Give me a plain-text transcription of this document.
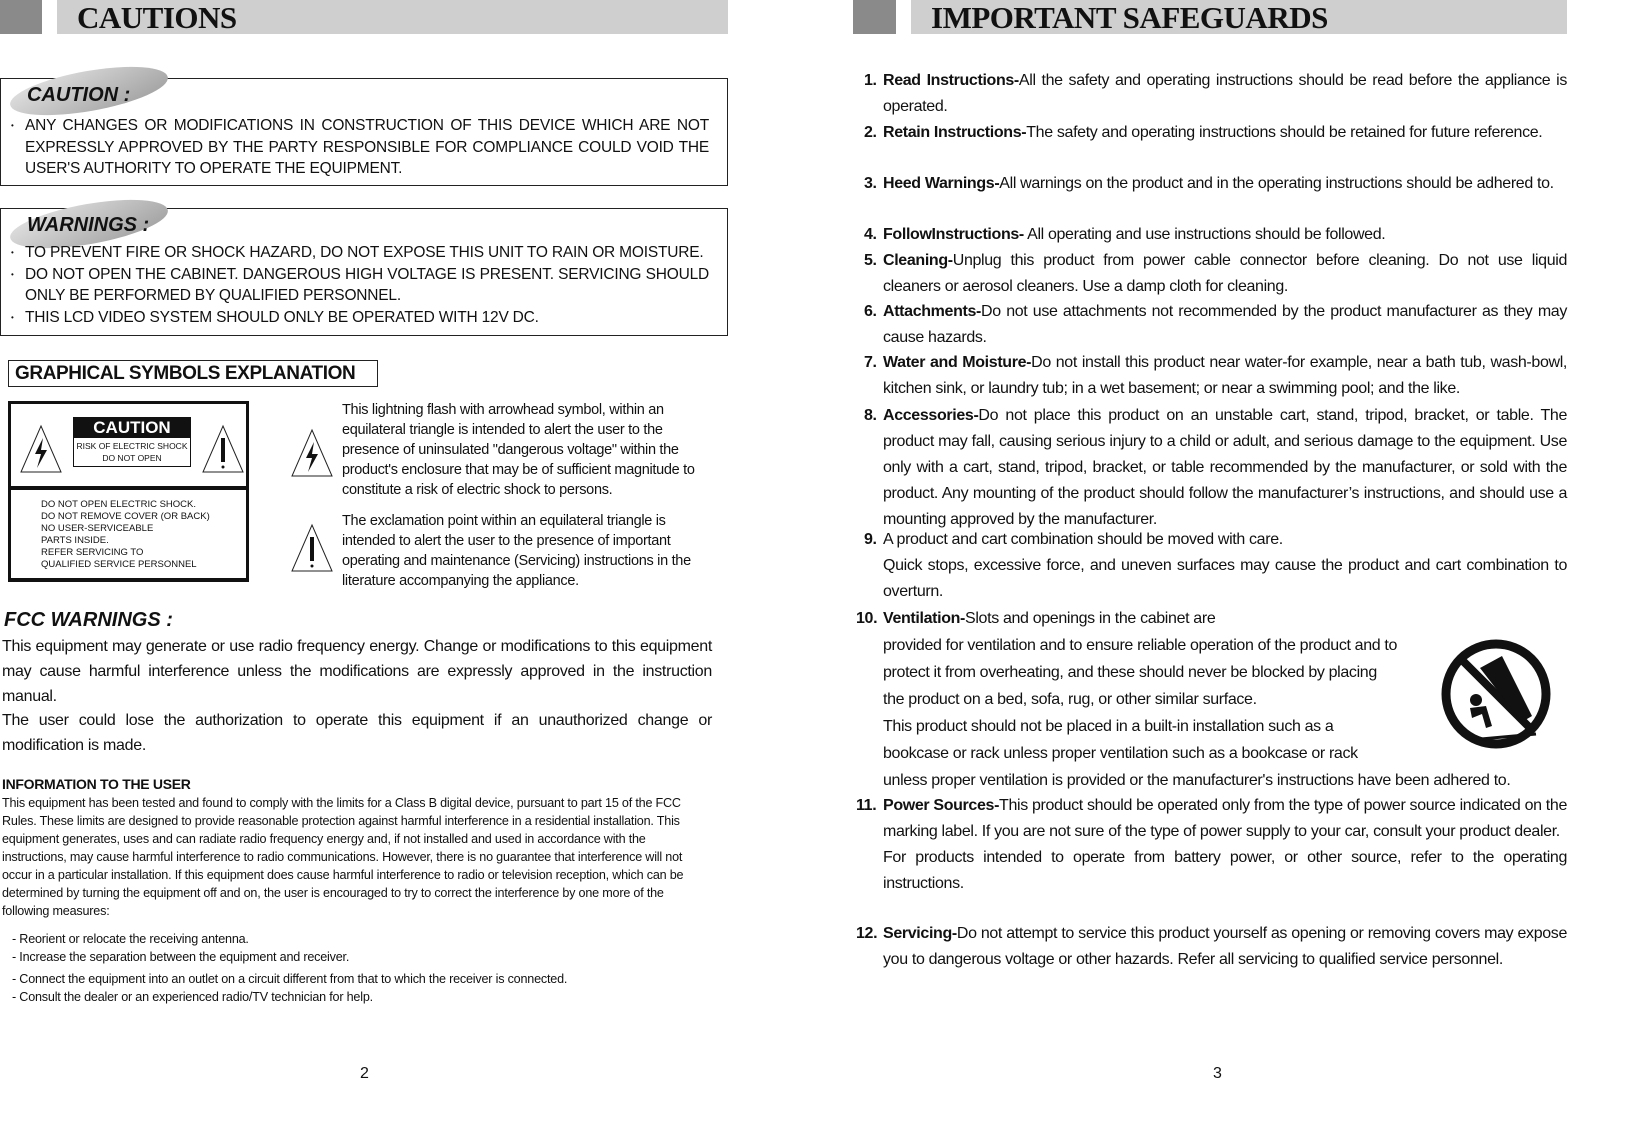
CAUTIONS
CAUTION :
• ANY CHANGES OR MODIFICATIONS IN CONSTRUCTION OF THIS DEVICE WHICH ARE NOT EXPRESSLY APPROVED BY THE PARTY RESPONSIBLE FOR COMPLIANCE COULD VOID THE USER'S AUTHORITY TO OPERATE THE EQUIPMENT.
WARNINGS :
• TO PREVENT FIRE OR SHOCK HAZARD, DO NOT EXPOSE THIS UNIT TO RAIN OR MOISTURE.
• DO NOT OPEN THE CABINET. DANGEROUS HIGH VOLTAGE IS PRESENT. SERVICING SHOULD ONLY BE PERFORMED BY QUALIFIED PERSONNEL.
• THIS LCD VIDEO SYSTEM SHOULD ONLY BE OPERATED WITH 12V DC.
GRAPHICAL SYMBOLS EXPLANATION
CAUTION
RISK OF ELECTRIC SHOCK
DO NOT OPEN
DO NOT OPEN ELECTRIC SHOCK.
DO NOT REMOVE COVER (OR BACK)
NO USER-SERVICEABLE
PARTS INSIDE.
REFER SERVICING TO
QUALIFIED SERVICE PERSONNEL
This lightning flash with arrowhead symbol, within an equilateral triangle is intended to alert the user to the presence of uninsulated "dangerous voltage" within the product's enclosure that may be of sufficient magnitude to constitute a risk of electric shock to persons.
The exclamation point within an equilateral triangle is intended to alert the user to the presence of important operating and maintenance (Servicing) instructions in the literature accompanying the appliance.
FCC WARNINGS :
This equipment may generate or use radio frequency energy. Change or modifications to this equipment may cause harmful interference unless the modifications are expressly approved in the instruction manual.
The user could lose the authorization to operate this equipment if an unauthorized change or modification is made.
INFORMATION TO THE USER
This equipment has been tested and found to comply with the limits for a Class B digital device, pursuant to part 15 of the FCC Rules. These limits are designed to provide reasonable protection against harmful interference in a residential installation. This equipment generates, uses and can radiate radio frequency energy and, if not installed and used in accordance with the instructions, may cause harmful interference to radio communications. However, there is no guarantee that interference will not occur in a particular installation. If this equipment does cause harmful interference to radio or television reception, which can be determined by turning the equipment off and on, the user is encouraged to try to correct the interference by one more of the following measures:
- Reorient or relocate the receiving antenna.
- Increase the separation between the equipment and receiver.
- Connect the equipment into an outlet on a circuit different from that to which the receiver is connected.
- Consult the dealer or an experienced radio/TV technician for help.
2
IMPORTANT SAFEGUARDS
1. Read Instructions-All the safety and operating instructions should be read before the appliance is operated.
2. Retain Instructions-The safety and operating instructions should be retained for future reference.
3. Heed Warnings-All warnings on the product and in the operating instructions should be adhered to.
4. FollowInstructions- All operating and use instructions should be followed.
5. Cleaning-Unplug this product from power cable connector before cleaning. Do not use liquid cleaners or aerosol cleaners. Use a damp cloth for cleaning.
6. Attachments-Do not use attachments not recommended by the product manufacturer as they may cause hazards.
7. Water and Moisture-Do not install this product near water-for example, near a bath tub, wash-bowl, kitchen sink, or laundry tub; in a wet basement; or near a swimming pool; and the like.
8. Accessories-Do not place this product on an unstable cart, stand, tripod, bracket, or table. The product may fall, causing serious injury to a child or adult, and serious damage to the equipment. Use only with a cart, stand, tripod, bracket, or table recommended by the manufacturer, or sold with the product. Any mounting of the product should follow the manufacturer’s instructions, and should use a mounting approved by the manufacturer.
9. A product and cart combination should be moved with care.
Quick stops, excessive force, and uneven surfaces may cause the product and cart combination to overturn.
10. Ventilation-Slots and openings in the cabinet are
provided for ventilation and to ensure reliable operation of the product and to
protect it from overheating, and these should never be blocked by placing
the product on a bed, sofa, rug, or other similar surface.
This product should not be placed in a built-in installation such as a
bookcase or rack unless proper ventilation such as a bookcase or rack
unless proper ventilation is provided or the manufacturer's instructions have been adhered to.
11. Power Sources-This product should be operated only from the type of power source indicated on the marking label. If you are not sure of the type of power supply to your car, consult your product dealer.
For products intended to operate from battery power, or other source, refer to the operating instructions.
12. Servicing-Do not attempt to service this product yourself as opening or removing covers may expose you to dangerous voltage or other hazards. Refer all servicing to qualified service personnel.
3
